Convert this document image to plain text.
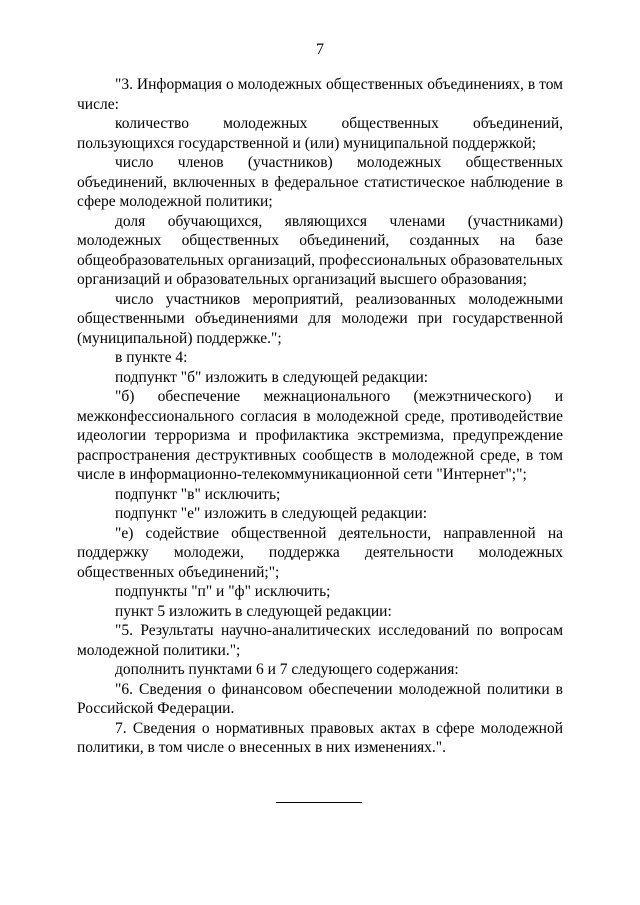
7

"3. Информация о молодежных общественных объединениях, в том числе:

количество молодежных общественных объединений, пользующихся государственной и (или) муниципальной поддержкой;

число членов (участников) молодежных общественных объединений, включенных в федеральное статистическое наблюдение в сфере молодежной политики;

доля обучающихся, являющихся членами (участниками) молодежных общественных объединений, созданных на базе общеобразовательных организаций, профессиональных образовательных организаций и образовательных организаций высшего образования;

число участников мероприятий, реализованных молодежными общественными объединениями для молодежи при государственной (муниципальной) поддержке.";

в пункте 4:

подпункт "б" изложить в следующей редакции:

"б) обеспечение межнационального (межэтнического) и межконфессионального согласия в молодежной среде, противодействие идеологии терроризма и профилактика экстремизма, предупреждение распространения деструктивных сообществ в молодежной среде, в том числе в информационно-телекоммуникационной сети "Интернет";";

подпункт "в" исключить;

подпункт "е" изложить в следующей редакции:

"е) содействие общественной деятельности, направленной на поддержку молодежи, поддержка деятельности молодежных общественных объединений;";

подпункты "п" и "ф" исключить;

пункт 5 изложить в следующей редакции:

"5. Результаты научно-аналитических исследований по вопросам молодежной политики.";

дополнить пунктами 6 и 7 следующего содержания:

"6. Сведения о финансовом обеспечении молодежной политики в Российской Федерации.

7. Сведения о нормативных правовых актах в сфере молодежной политики, в том числе о внесенных в них изменениях.".
